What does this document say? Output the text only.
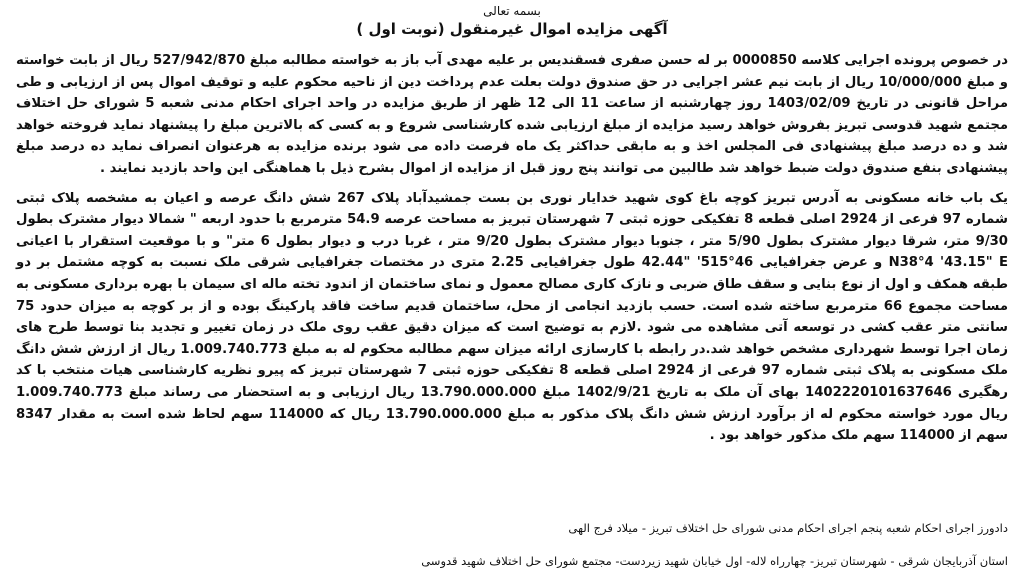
بسمه تعالی

آگهی مزایده اموال غیرمنقول (نوبت اول )

در خصوص پرونده اجرایی کلاسه 0000850 بر له حسن صفری فسقندیس بر علیه مهدی آب باز به خواسته مطالبه مبلغ 527/942/870 ریال از بابت خواسته و مبلغ 10/000/000 ریال از بابت نیم عشر اجرایی در حق صندوق دولت بعلت عدم پرداخت دین از ناحیه محکوم علیه و توقیف اموال پس از ارزیابی و طی مراحل قانونی در تاریخ 1403/02/09 روز چهارشنبه از ساعت 11 الی 12 ظهر از طریق مزایده در واحد اجرای احکام مدنی شعبه 5 شورای حل اختلاف مجتمع شهید قدوسی تبریز بفروش خواهد رسید مزایده از مبلغ ارزیابی شده کارشناسی شروع و به کسی که بالاترین مبلغ را پیشنهاد نماید فروخته خواهد شد و ده درصد مبلغ پیشنهادی فی المجلس اخذ و به مابقی حداکثر یک ماه فرصت داده می شود برنده مزایده به هرعنوان انصراف نماید ده درصد مبلغ پیشنهادی بنفع صندوق دولت ضبط خواهد شد طالبین می توانند پنج روز قبل از مزایده از اموال بشرح ذیل با هماهنگی این واحد بازدید نمایند .

یک باب خانه مسکونی به آدرس تبریز کوچه باغ کوی شهید خدایار نوری بن بست جمشیدآباد پلاک 267 شش دانگ عرصه و اعیان به مشخصه پلاک ثبتی شماره 97 فرعی از 2924 اصلی قطعه 8 تفکیکی حوزه ثبتی 7 شهرستان تبریز به مساحت عرصه 54.9 مترمربع با حدود اربعه " شمالا دیوار مشترک بطول 9/30 متر، شرقا دیوار مشترک بطول 5/90 متر ، جنوبا دیوار مشترک بطول 9/20 متر ، غربا درب و دیوار بطول 6 متر" و با موقعیت استقرار با اعیانی N38°4 '43.15" E و عرض جغرافیایی 46°515' "42.44 طول جغرافیایی 2.25 متری در مختصات جغرافیایی شرقی ملک نسبت به کوچه مشتمل بر دو طبقه همکف و اول از نوع بنایی و سقف طاق ضربی و نازک کاری مصالح معمول و نمای ساختمان از اندود تخته ماله ای سیمان با بهره برداری مسکونی به مساحت مجموع 66 مترمربع ساخته شده است. حسب بازدید انجامی از محل، ساختمان قدیم ساخت فاقد پارکینگ بوده و از بر کوچه به میزان حدود 75 سانتی متر عقب کشی در توسعه آتی مشاهده می شود .لازم به توضیح است که میزان دقیق عقب روی ملک در زمان تغییر و تجدید بنا توسط طرح های زمان اجرا توسط شهرداری مشخص خواهد شد.در رابطه با کارسازی ارائه میزان سهم مطالبه محکوم له به مبلغ 1.009.740.773 ریال از ارزش شش دانگ ملک مسکونی به پلاک ثبتی شماره 97 فرعی از 2924 اصلی قطعه 8 تفکیکی حوزه ثبتی 7 شهرستان تبریز که پیرو نظریه کارشناسی هیات منتخب با کد رهگیری 1402220101637646 بهای آن ملک به تاریخ 1402/9/21 مبلغ 13.790.000.000 ریال ارزیابی و به استحضار می رساند مبلغ 1.009.740.773 ریال مورد خواسته محکوم له از برآورد ارزش شش دانگ پلاک مذکور به مبلغ 13.790.000.000 ریال که 114000 سهم لحاظ شده است به مقدار 8347 سهم از 114000 سهم ملک مذکور خواهد بود .

دادورز اجرای احکام شعبه پنجم اجرای احکام مدنی شورای حل اختلاف تبریز - میلاد فرج الهی

استان آذربایجان شرقی - شهرستان تبریز- چهارراه لاله- اول خیابان شهید زیردست- مجتمع شورای حل اختلاف شهید قدوسی
